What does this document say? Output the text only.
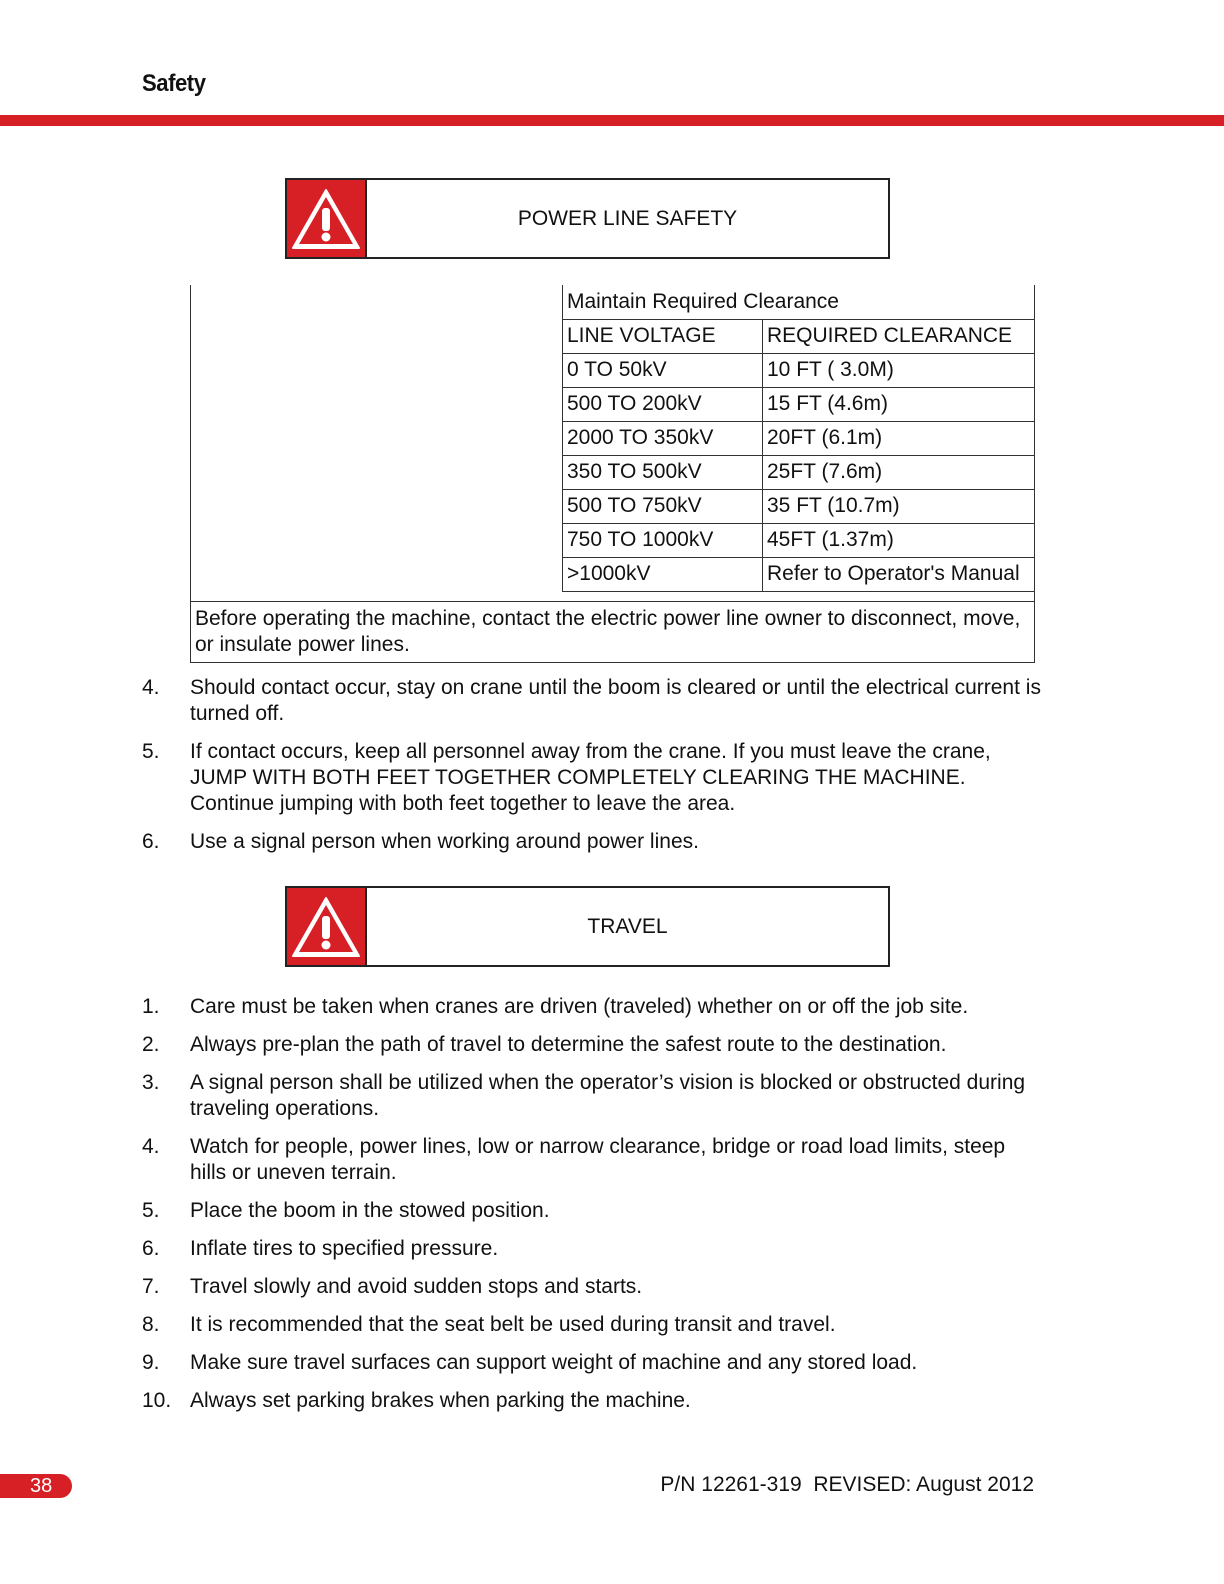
Safety
POWER LINE SAFETY
Maintain Required Clearance	
LINE VOLTAGE	REQUIRED CLEARANCE
0 TO 50kV	10 FT ( 3.0M)
500 TO 200kV	15 FT (4.6m)
2000 TO 350kV	20FT (6.1m)
350 TO 500kV	25FT (7.6m)
500 TO 750kV	35 FT (10.7m)
750 TO 1000kV	45FT (1.37m)
>1000kV	Refer to Operator's Manual
Before operating the machine, contact the electric power line owner to disconnect, move, or insulate power lines.
4. Should contact occur, stay on crane until the boom is cleared or until the electrical current is turned off.
5. If contact occurs, keep all personnel away from the crane. If you must leave the crane, JUMP WITH BOTH FEET TOGETHER COMPLETELY CLEARING THE MACHINE. Continue jumping with both feet together to leave the area.
6. Use a signal person when working around power lines.
TRAVEL
1. Care must be taken when cranes are driven (traveled) whether on or off the job site.
2. Always pre-plan the path of travel to determine the safest route to the destination.
3. A signal person shall be utilized when the operator’s vision is blocked or obstructed during traveling operations.
4. Watch for people, power lines, low or narrow clearance, bridge or road load limits, steep hills or uneven terrain.
5. Place the boom in the stowed position.
6. Inflate tires to specified pressure.
7. Travel slowly and avoid sudden stops and starts.
8. It is recommended that the seat belt be used during transit and travel.
9. Make sure travel surfaces can support weight of machine and any stored load.
10. Always set parking brakes when parking the machine.
38	P/N 12261-319  REVISED: August 2012
